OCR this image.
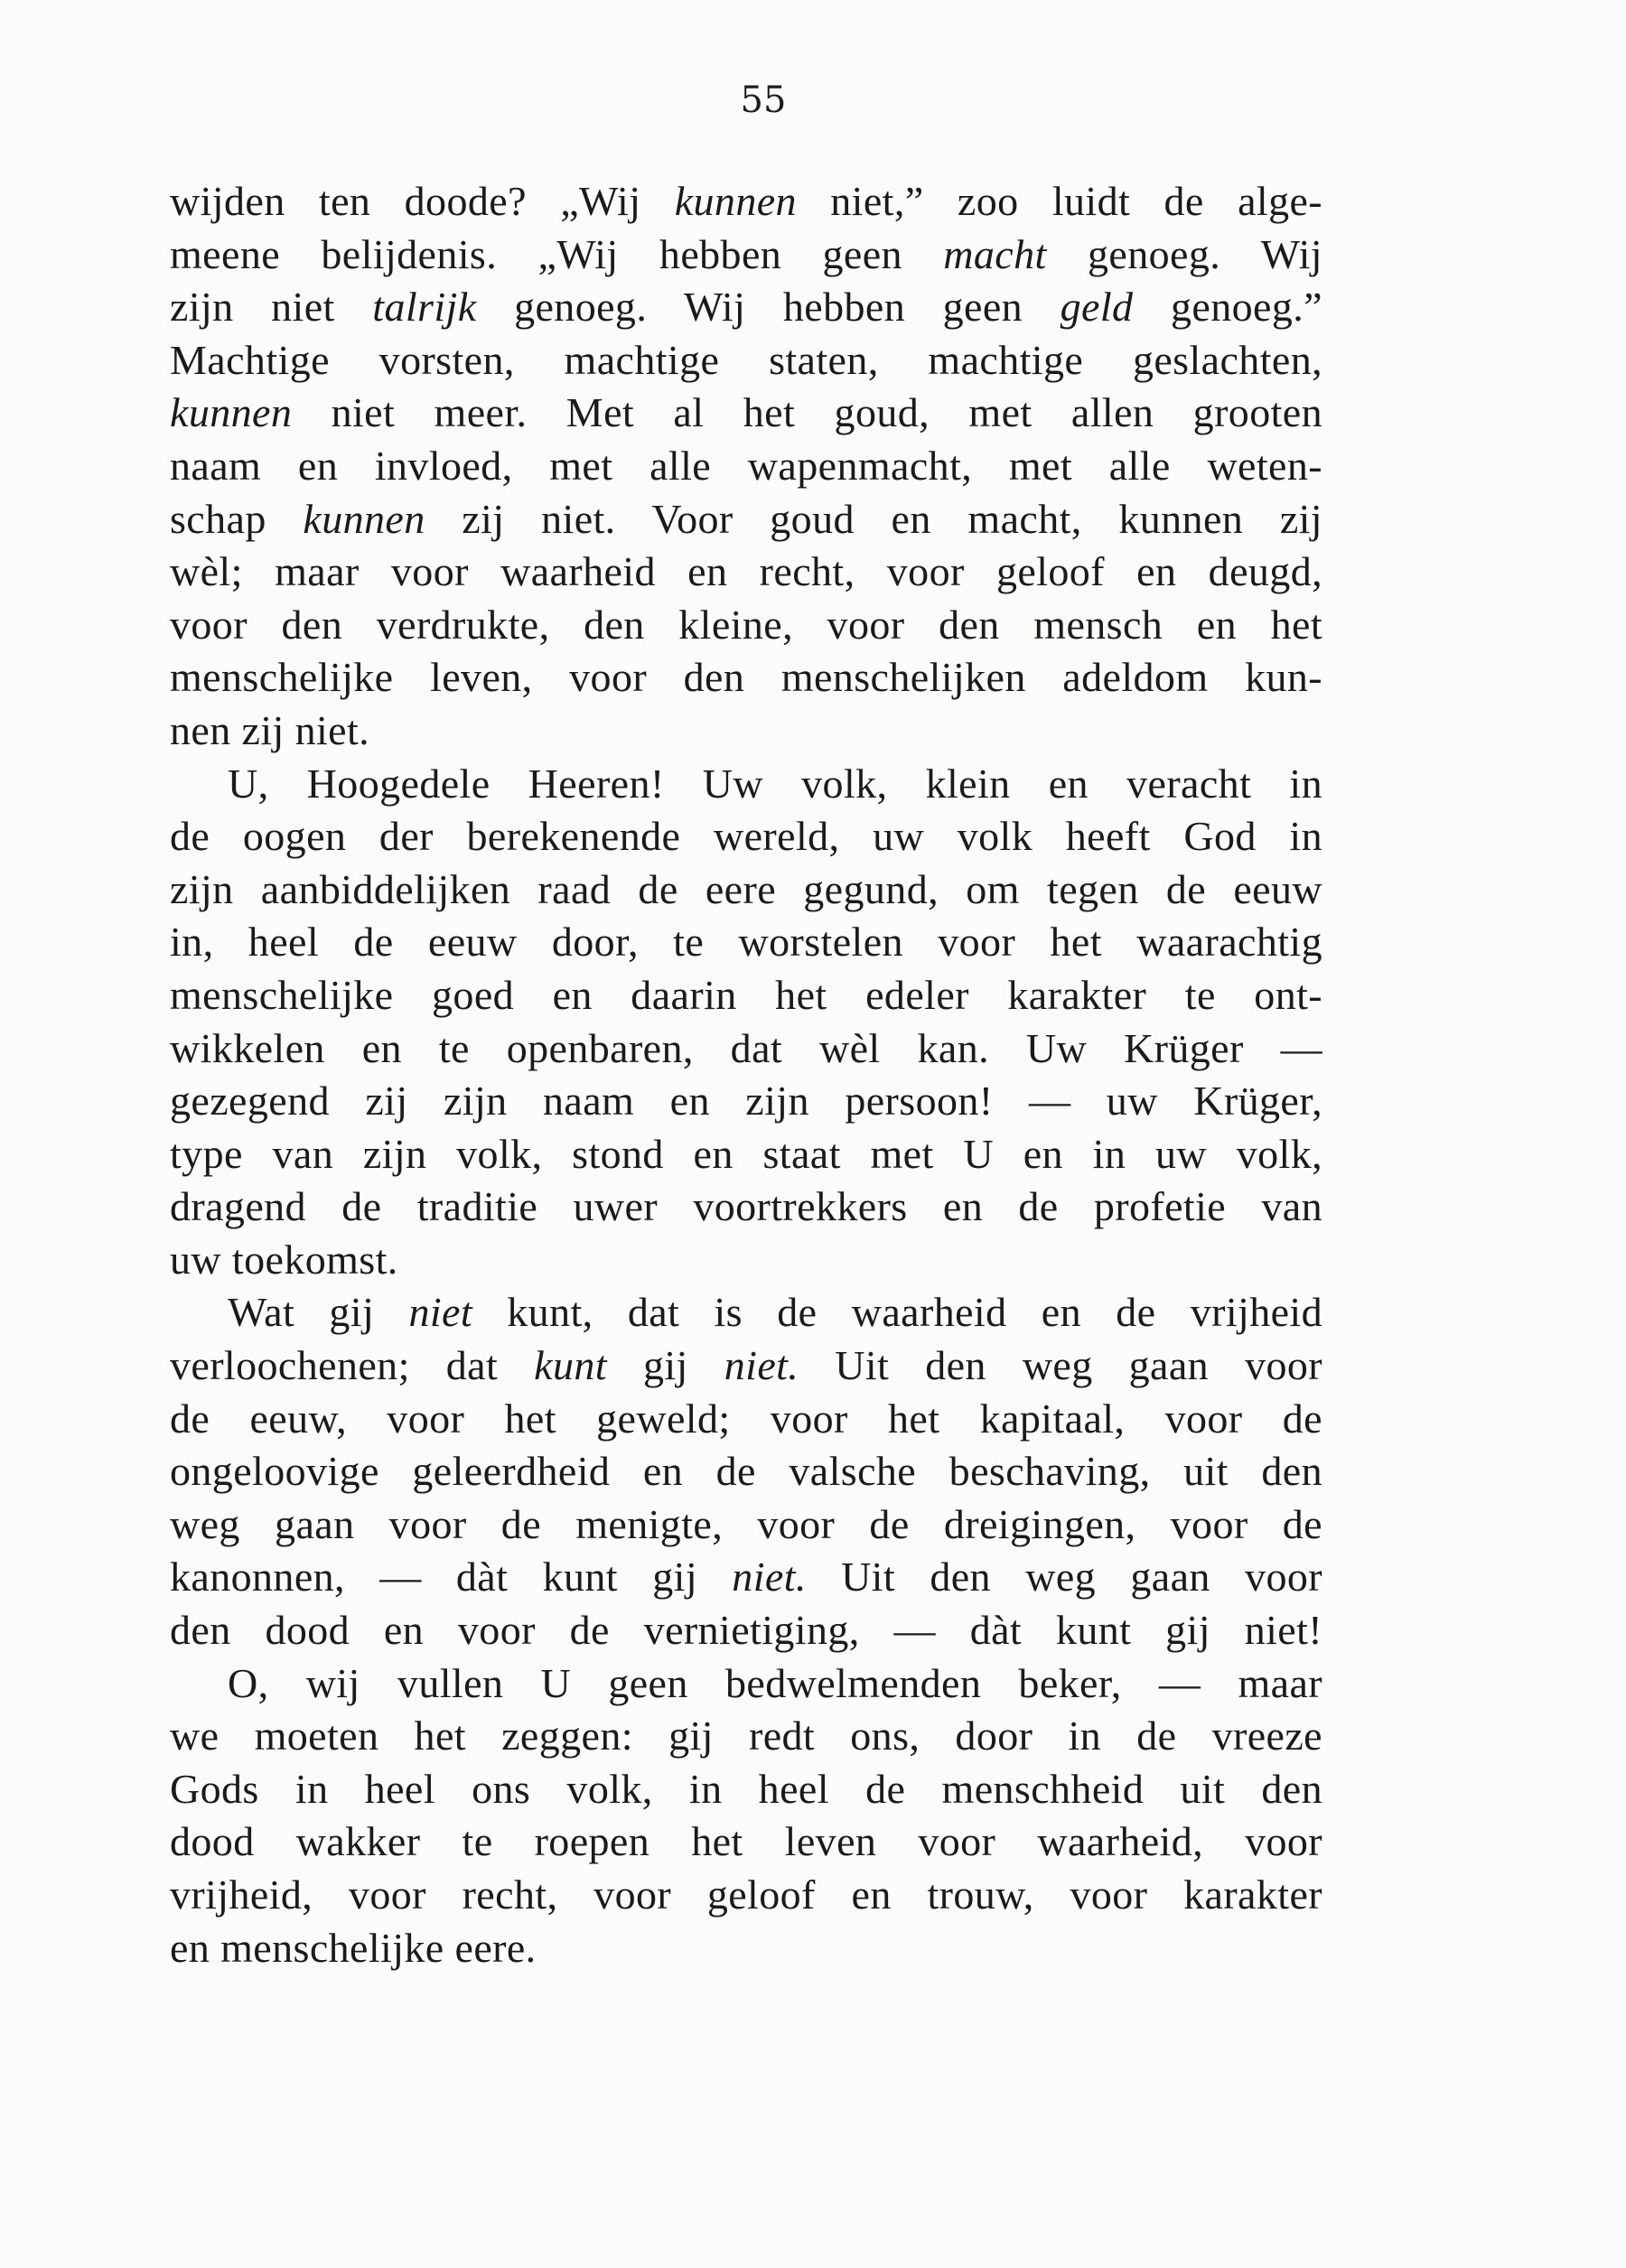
55
wijden ten doode? „Wij kunnen niet,” zoo luidt de alge-
meene belijdenis. „Wij hebben geen macht genoeg. Wij
zijn niet talrijk genoeg. Wij hebben geen geld genoeg.”
Machtige vorsten, machtige staten, machtige geslachten,
kunnen niet meer. Met al het goud, met allen grooten
naam en invloed, met alle wapenmacht, met alle weten-
schap kunnen zij niet. Voor goud en macht, kunnen zij
wèl; maar voor waarheid en recht, voor geloof en deugd,
voor den verdrukte, den kleine, voor den mensch en het
menschelijke leven, voor den menschelijken adeldom kun-
nen zij niet.
U, Hoogedele Heeren! Uw volk, klein en veracht in
de oogen der berekenende wereld, uw volk heeft God in
zijn aanbiddelijken raad de eere gegund, om tegen de eeuw
in, heel de eeuw door, te worstelen voor het waarachtig
menschelijke goed en daarin het edeler karakter te ont-
wikkelen en te openbaren, dat wèl kan. Uw Krüger —
gezegend zij zijn naam en zijn persoon! — uw Krüger,
type van zijn volk, stond en staat met U en in uw volk,
dragend de traditie uwer voortrekkers en de profetie van
uw toekomst.
Wat gij niet kunt, dat is de waarheid en de vrijheid
verloochenen; dat kunt gij niet. Uit den weg gaan voor
de eeuw, voor het geweld; voor het kapitaal, voor de
ongeloovige geleerdheid en de valsche beschaving, uit den
weg gaan voor de menigte, voor de dreigingen, voor de
kanonnen, — dàt kunt gij niet. Uit den weg gaan voor
den dood en voor de vernietiging, — dàt kunt gij niet!
O, wij vullen U geen bedwelmenden beker, — maar
we moeten het zeggen: gij redt ons, door in de vreeze
Gods in heel ons volk, in heel de menschheid uit den
dood wakker te roepen het leven voor waarheid, voor
vrijheid, voor recht, voor geloof en trouw, voor karakter
en menschelijke eere.
